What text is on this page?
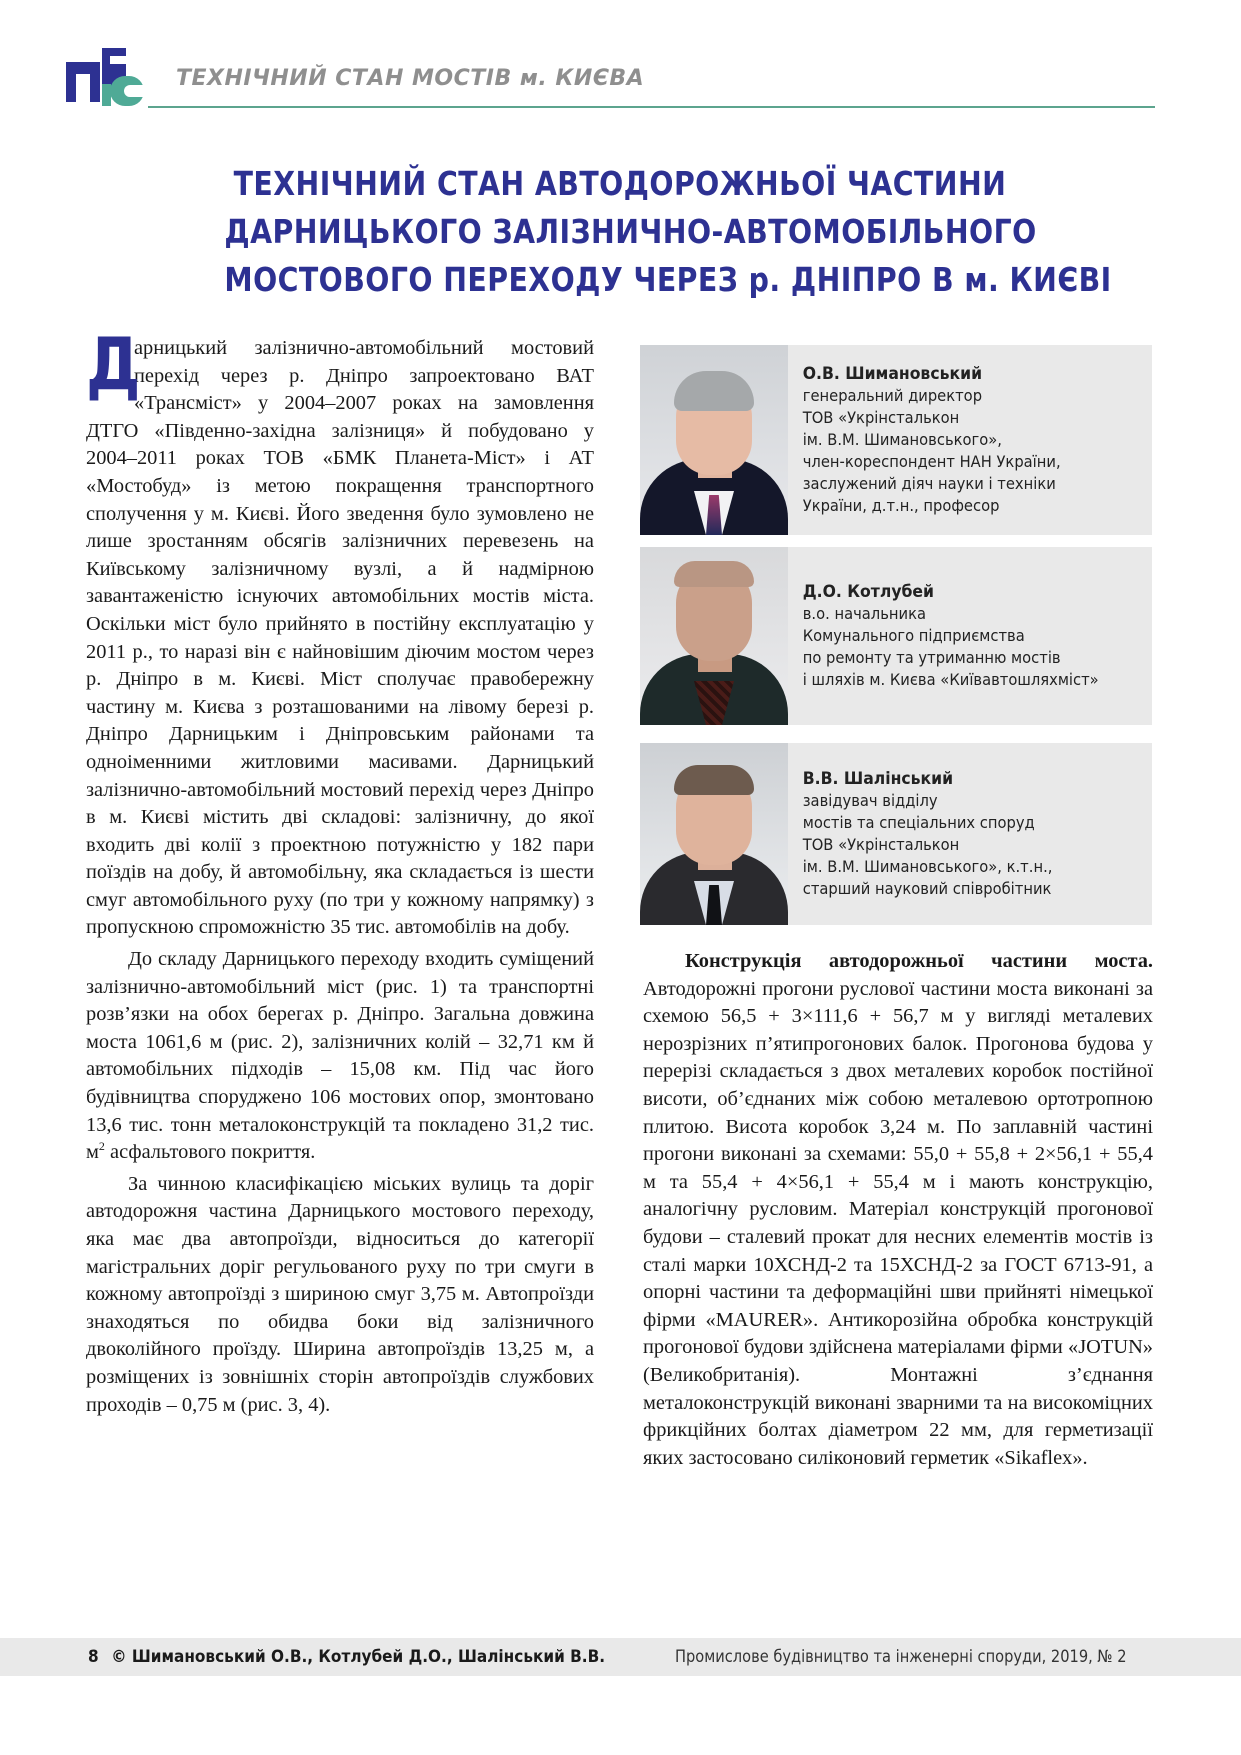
ТЕХНІЧНИЙ СТАН МОСТІВ м. КИЄВА
ТЕХНІЧНИЙ СТАН АВТОДОРОЖНЬОЇ ЧАСТИНИ
ДАРНИЦЬКОГО ЗАЛІЗНИЧНО-АВТОМОБІЛЬНОГО
МОСТОВОГО ПЕРЕХОДУ ЧЕРЕЗ р. ДНІПРО В м. КИЄВІ

Д
арницький залізнично-автомобільний мостовий перехід через р. Дніпро запроектовано ВАТ «Трансміст» у 2004–2007 роках на замовлення ДТГО «Південно-західна залізниця» й побудовано у 2004–2011 роках ТОВ «БМК Планета-Міст» і АТ «Мостобуд» із метою покращення транспортного сполучення у м. Києві. Його зведення було зумовлено не лише зростанням обсягів залізничних перевезень на Київському залізничному вузлі, а й надмірною завантаженістю існуючих автомобільних мостів міста. Оскільки міст було прийнято в постійну експлуатацію у 2011 р., то наразі він є найновішим діючим мостом через р. Дніпро в м. Києві. Міст сполучає правобережну частину м. Києва з розташованими на лівому березі р. Дніпро Дарницьким і Дніпровським районами та одноіменними житловими масивами. Дарницький залізнично-автомобільний мостовий перехід через Дніпро в м. Києві містить дві складові: залізничну, до якої входить дві колії з проектною потужністю у 182 пари поїздів на добу, й автомобільну, яка складається із шести смуг автомобільного руху (по три у кожному напрямку) з пропускною спроможністю 35 тис. автомобілів на добу.

До складу Дарницького переходу входить суміщений залізнично-автомобільний міст (рис. 1) та транспортні розв’язки на обох берегах р. Дніпро. Загальна довжина моста 1061,6 м (рис. 2), залізничних колій – 32,71 км й автомобільних підходів – 15,08 км. Під час його будівництва споруджено 106 мостових опор, змонтовано 13,6 тис. тонн металоконструкцій та покладено 31,2 тис. $м^2$ асфальтового покриття.

За чинною класифікацією міських вулиць та доріг автодорожня частина Дарницького мостового переходу, яка має два автопроїзди, відноситься до категорії магістральних доріг регульованого руху по три смуги в кожному автопроїзді з шириною смуг 3,75 м. Автопроїзди знаходяться по обидва боки від залізничного двоколійного проїзду. Ширина автопроїздів 13,25 м, а розміщених із зовнішніх сторін автопроїздів службових проходів – 0,75 м (рис. 3, 4).

О.В. Шимановський
генеральний директор
ТОВ «Укрінсталькон
ім. В.М. Шимановського»,
член-кореспондент НАН України,
заслужений діяч науки і техніки
України, д.т.н., професор
Д.О. Котлубей
в.о. начальника
Комунального підприємства
по ремонту та утриманню мостів
і шляхів м. Києва «Київавтошляхміст»
В.В. Шалінський
завідувач відділу
мостів та спеціальних споруд
ТОВ «Укрінсталькон
ім. В.М. Шимановського», к.т.н.,
старший науковий співробітник

Конструкція автодорожньої частини моста. Автодорожні прогони руслової частини моста виконані за схемою 56,5 + 3×111,6 + 56,7 м у вигляді металевих нерозрізних п’ятипрогонових балок. Прогонова будова у перерізі складається з двох металевих коробок постійної висоти, об’єднаних між собою металевою ортотропною плитою. Висота коробок 3,24 м. По заплавній частині прогони виконані за схемами: 55,0 + 55,8 + 2×56,1 + 55,4 м та 55,4 + 4×56,1 + 55,4 м і мають конструкцію, аналогічну русловим. Матеріал конструкцій прогонової будови – сталевий прокат для несних елементів мостів із сталі марки 10ХСНД-2 та 15ХСНД-2 за ГОСТ 6713-91, а опорні частини та деформаційні шви прийняті німецької фірми «MAURER». Антикорозійна обробка конструкцій прогонової будови здійснена матеріалами фірми «JOTUN» (Великобританія). Монтажні з’єднання металоконструкцій виконані зварними та на високоміцних фрикційних болтах діаметром 22 мм, для герметизації яких застосовано силіконовий герметик «Sikaflex».

8 © Шимановський О.В., Котлубей Д.О., Шалінський В.В.	Промислове будівництво та інженерні споруди, 2019, № 2
